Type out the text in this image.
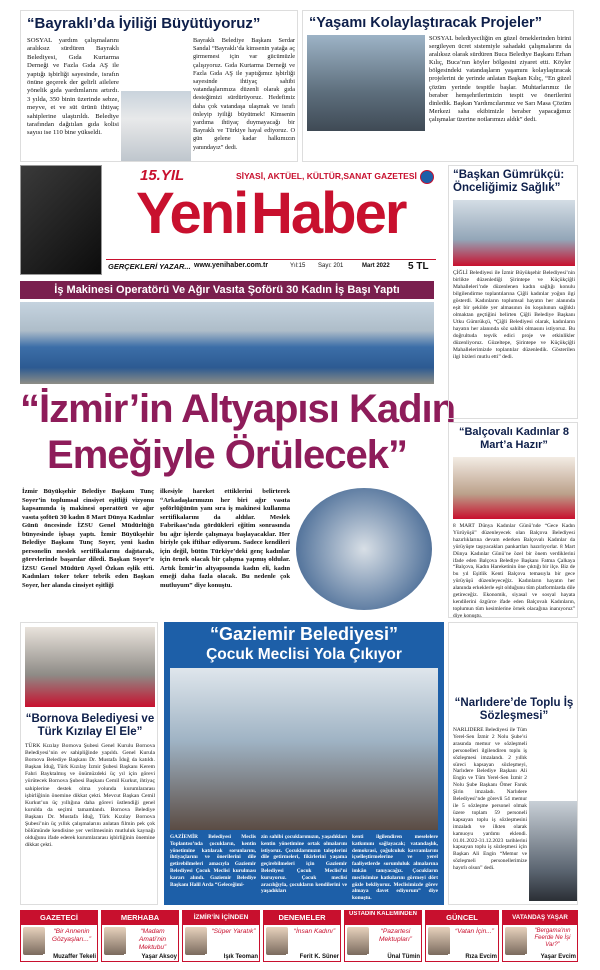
“Bayraklı’da İyiliği Büyütüyoruz”
SOSYAL yardım çalışmalarını aralıksız sürdüren Bayraklı Belediyesi, Gıda Kurtarma Derneği ve Fazla Gıda AŞ ile yaptığı işbirliği sayesinde, israfın önüne geçerek der gelirli ailelere yönelik gıda yardımlarını artırdı. 3 yılda, 350 binin üzerinde sebze, meyve, et ve süt ürünü ihtiyaç sahiplerine ulaştırıldı. Belediye tarafından dağıtılan gıda kolisi sayısı ise 110 bine yükseldi.
Bayraklı Belediye Başkanı Serdar Sandal “Bayraklı’da kimsenin yatağa aç girmemesi için var gücümüzle çalışıyoruz. Gıda Kurtarma Derneği ve Fazla Gıda AŞ ile yaptığımız işbirliği sayesinde ihtiyaç sahibi vatandaşlarımıza düzenli olarak gıda desteğimizi sürdürüyoruz. Hedefimiz daha çok vatandaşa ulaşmak ve israfı önleyip iyiliği büyütmek! Kimsenin yardıma ihtiyaç duymayacağı bir Bayraklı ve Türkiye hayal ediyoruz. O gün gelene kadar halkımızın yanındayız” dedi.
“Yaşamı Kolaylaştıracak Projeler”
SOSYAL belediyeciliğin en güzel örneklerinden birini sergileyen ücret sistemiyle sahadaki çalışmalarını da aralıksız olarak sürdüren Buca Belediye Başkanı Erhan Kılıç, Buca’nın köyler bölgesini ziyaret etti. Köyler bölgesindeki vatandaşların yaşamını kolaylaştıracak projelerini de yerinde anlatan Başkan Kılıç, “En güzel çözüm yerinde tespitle başlar. Muhtarlarımız ile beraber hemşehrilerimizin tespit ve önerilerini dinledik. Başkan Yardımcılarımız ve Sarı Masa Çözüm Merkezi saha ekibimizle beraber yapacağımız çalışmalar üzerine notlarımızı aldık” dedi.
15.YIL	SİYASİ, AKTÜEL, KÜLTÜR,SANAT GAZETESİ
Yeni Haber
GERÇEKLERİ YAZAR... www.yenihaber.com.tr	Yıl:15 Sayı: 201	Mart 2022 5 TL
İş Makinesi Operatörü Ve Ağır Vasıta Şoförü 30 Kadın İş Başı Yaptı
“İzmir’in Altyapısı Kadın
Emeğiyle Örülecek”
İzmir Büyükşehir Belediye Başkanı Tunç Soyer’in toplumsal cinsiyet eşitliği vizyonu kapsamında iş makinesi operatörü ve ağır vasıta şoförü 30 kadın 8 Mart Dünya Kadınlar Günü öncesinde İZSU Genel Müdürlüğü bünyesinde işbaşı yaptı. İzmir Büyükşehir Belediye Başkanı Tunç Soyer, yeni kadın personelin meslek sertifikalarını dağıtarak, görevlerinde başarılar diledi. Başkan Soyer’e İZSU Genel Müdürü Aysel Özkan eşlik etti. Kadınları toker teker tebrik eden Başkan Soyer, her alanda cinsiyet eşitliği
ilkesiyle hareket ettiklerini belirterek “Arkadaşlarımızın her biri ağır vasıta şoförlüğünün yanı sıra iş makinesi kullanma sertifikalarını da aldılar. Meslek Fabrikası’nda gördükleri eğitim sonrasında bu ağır işlerde çalışmaya başlayacaklar. Her biriyle çok iftihar ediyorum. Sadece kendileri için değil, bütün Türkiye’deki genç kadınlar için örnek olacak bir çalışma yapmış oldular. Artık İzmir’in altyapısında kadın eli, kadın emeği daha fazla olacak. Bu nedenle çok mutluyum” diye konuştu.
“Başkan Gümrükçü: Önceliğimiz Sağlık”
ÇİĞLİ Belediyesi ile İzmir Büyükşehir Belediyesi’nin birlikte düzenlediği Şirintepe ve Küçükçiğli Mahalleleri’nde düzenlenen kadın sağlığı konulu bilgilendirme toplantılarına Çiğli kadınlar yoğun ilgi gösterdi. Kadınların toplumsal hayatın her alanında eşit bir şekilde yer almasının ön koşulunun sağlıklı olmaktan geçtiğini belirten Çiğli Belediye Başkanı Utku Gümrükçü, “Çiğli Belediyesi olarak, kadınların hayatın her alanında söz sahibi olmasını istiyoruz. Bu doğrultuda teşvik edici proje ve etkinlikler düzenliyoruz. Güzeltepe, Şirintepe ve Küçükçiğli Mahallelerimizde toplantılar düzenledik. Gösterilen ilgi bizleri mutlu etti” dedi.
“Balçovalı Kadınlar 8 Mart’a Hazır”
8 MART Dünya Kadınlar Günü’nde “Gece Kadın Yürüyüşü” düzenleyecek olan Balçova Belediyesi hazırlıklarına devam ederken Balçovalı Kadınlar da yürüyüşte taşıyacakları pankartları hazırlıyorlar. 8 Mart Dünya Kadınlar Günü’ne özel bir önem verdiklerini ifade eden Balçova Belediye Başkanı Fatma Çalkaya “Balçova, Kadın Hareketinin öne çıktığı bir ilçe. Biz de bu yıl Eşitlik Kenti Balçova temasıyla bir gece yürüyüşü düzenleyeceğiz. Kadınların hayatın her alanında erkeklerle eşit olduğunu tüm platformlarda dile getireceğiz. Ekonomik, siyasal ve sosyal hayata kendilerini özgürce ifade eden Balçovalı Kadınların, toplumun tüm kesimlerine örnek olacağına inanıyoruz” diye konuştu.
“Narlıdere’de Toplu İş Sözleşmesi”
NARLIDERE Belediyesi ile Tüm Yerel-Sen İzmir 2 Nolu Şube’si arasında memur ve sözleşmeli personelleri ilgilendiren toplu iş sözleşmesi imzalandı. 2 yıllık süreci kapsayan sözleşmeyi, Narlıdere Belediye Başkanı Ali Engin ve Tüm Yerel-Sen İzmir 2 Nolu Şube Başkanı Ömer Faruk Şirin imzaladı. Narlıdere Belediyesi’nde görevli 54 memur ile 5 sözleşme personel olmak üzere toplam 59 personeli kapsayan toplu iş sözleşmesini imzaladı ve ilkten olarak kamuoyu yardımı eklendi. 01.01.2022-31.12.2023 tarihlerini kapsayan toplu iş sözleşmesi için Başkan Ali Engin “Memur ve sözleşmeli personellerimize hayırlı olsun” dedi.
“Bornova Belediyesi ve Türk Kızılay El Ele”
TÜRK Kızılay Bornova Şubesi Genel Kurulu Bornova Belediyesi’nin ev sahipliğinde yapıldı. Genel Kurula Bornova Belediye Başkanı Dr. Mustafa İduğ da katıldı. Başkan İduğ, Türk Kızılay İzmir Şubesi Başkanı Kerem Fahri Bayktalmış ve önümüzdeki üç yıl için görevi yürütecek Bornova Şubesi Başkanı Cemil Kurkut, ihtiyaç sahiplerine destek olma yolunda kurumlararası işbirliğinin önemine dikkat çekti. Mevcut Başkan Cemil Kurkut’un üç yıllığına daha görevi üstlendiği genel kurulda da seçimi tamamlandı. Bornova Belediye Başkanı Dr. Mustafa İduğ, Türk Kızılay Bornova Şubesi’nin üç yıllık çalışmalarını anlatan filmin pek çok bölümünde kendisine yer verilmesinin mutluluk kaynağı olduğunu ifade ederek kurumlararası işbirliğinin önemine dikkat çekti.
“Gaziemir Belediyesi”
Çocuk Meclisi Yola Çıkıyor
GAZİEMİR Belediyesi Meclis Toplantısı’nda çocukların, kentin yönetimine katılarak sorunlarını, ihtiyaçlarını ve önerilerini dile getirebilmeleri amacıyla Gaziemir Belediyesi Çocuk Meclisi kurulması kararı alındı. Gaziemir Belediye Başkanı Halil Arda “Geleceğimi-
zin sahibi çocuklarımızın, yaşadıkları kentin yönetimine ortak olmalarını istiyoruz. Çocuklarımızın taleplerini dile getirmeleri, fikirlerini yaşama geçirebilmeleri için Gaziemir Belediyesi Çocuk Meclisi’ni kuruyoruz. Çocuk meclisi aracılığıyla, çocukların kendilerini ve yaşadıkları
kenti ilgilendiren meselelere katkımını sağlayacak; vatandaşlık, demokrasi, çoğulculuk kavramlarını içselleştirmelerine ve yerel faaliyetlerde sorumluluk almalarına imkân tanıyacağız. Çocukların meclisimize katkılarını görmeyi dört gözle bekliyoruz. Meclisimizde görev almaya davet ediyorum” diye konuştu.
GAZETECİ
“Bir Annenin Gözyaşları...”
Muzaffer Tekeli
MERHABA
“Madam Amati’nin Mektubu”
Yaşar Aksoy
İZMİR’İN İÇİNDEN
“Süper Yaratık”
Işık Teoman
DENEMELER
“İnsan Kadını”
Ferit K. Süner
ÜSTADIN KALEMİNDEN
“Pazartesi Mektupları”
Ünal Tümin
GÜNCEL
“Vatan İçin...”
Rıza Evcim
VATANDAŞ YAŞAR
“Bergama’nın Feerde Ne İşi Var?”
Yaşar Evcim
